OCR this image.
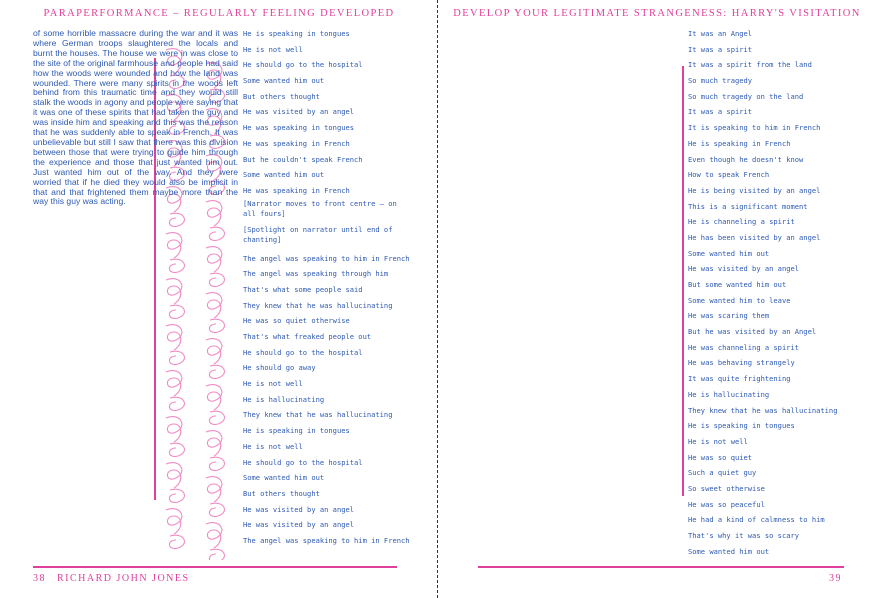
PARAPERFORMANCE – REGULARLY FEELING DEVELOPED

of some horrible massacre during the war and it was where German troops slaughtered the locals and burnt the houses. The house we were in was close to the site of the original farmhouse and people had said how the woods were wounded and how the land was wounded. There were many spirits in the woods left behind from this traumatic time and they would still stalk the woods in agony and people were saying that it was one of these spirits that had taken the guy and was inside him and speaking and this was the reason that he was suddenly able to speak in French. It was unbelievable but still I saw that there was this division between those that were trying to guide him through the experience and those that just wanted him out. Just wanted him out of the way. And they were worried that if he died they would also be implicit in that and that frightened them maybe more than the way this guy was acting.

He is speaking in tongues
He is not well
He should go to the hospital
Some wanted him out
But others thought
He was visited by an angel
He was speaking in tongues
He was speaking in French
But he couldn't speak French
Some wanted him out
He was speaking in French
[Narrator moves to front centre – on all fours]
[Spotlight on narrator until end of chanting]
The angel was speaking to him in French
The angel was speaking through him
That's what some people said
They knew that he was hallucinating
He was so quiet otherwise
That's what freaked people out
He should go to the hospital
He should go away
He is not well
He is hallucinating
They knew that he was hallucinating
He is speaking in tongues
He is not well
He should go to the hospital
Some wanted him out
But others thought
He was visited by an angel
He was visited by an angel
The angel was speaking to him in French
38 RICHARD JOHN JONES
DEVELOP YOUR LEGITIMATE STRANGENESS: HARRY'S VISITATION
It was an Angel
It was a spirit
It was a spirit from the land
So much tragedy
So much tragedy on the land
It was a spirit
It is speaking to him in French
He is speaking in French
Even though he doesn't know
How to speak French
He is being visited by an angel
This is a significant moment
He is channeling a spirit
He has been visited by an angel
Some wanted him out
He was visited by an angel
But some wanted him out
Some wanted him to leave
He was scaring them
But he was visited by an Angel
He was channeling a spirit
He was behaving strangely
It was quite frightening
He is hallucinating
They knew that he was hallucinating
He is speaking in tongues
He is not well
He was so quiet
Such a quiet guy
So sweet otherwise
He was so peaceful
He had a kind of calmness to him
That's why it was so scary
Some wanted him out
39
